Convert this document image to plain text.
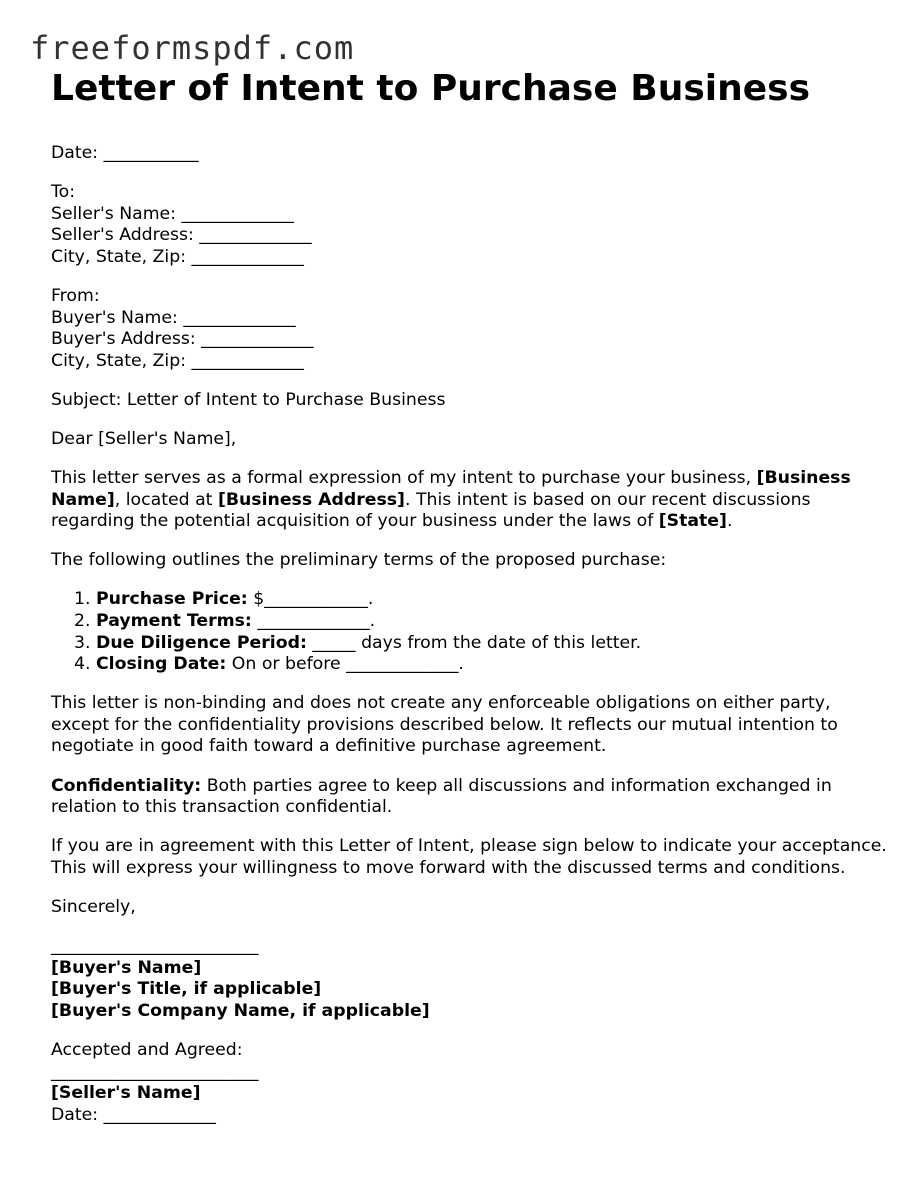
freeformspdf.com
Letter of Intent to Purchase Business

Date: ___________

To:
Seller's Name: _____________
Seller's Address: _____________
City, State, Zip: _____________
From:
Buyer's Name: _____________
Buyer's Address: _____________
City, State, Zip: _____________

Subject: Letter of Intent to Purchase Business

Dear [Seller's Name],

This letter serves as a formal expression of my intent to purchase your business, [Business Name], located at [Business Address]. This intent is based on our recent discussions regarding the potential acquisition of your business under the laws of [State].

The following outlines the preliminary terms of the proposed purchase:

1. Purchase Price: $____________.
2. Payment Terms: _____________.
3. Due Diligence Period: _____ days from the date of this letter.
4. Closing Date: On or before _____________.

This letter is non-binding and does not create any enforceable obligations on either party, except for the confidentiality provisions described below. It reflects our mutual intention to negotiate in good faith toward a definitive purchase agreement.

Confidentiality: Both parties agree to keep all discussions and information exchanged in relation to this transaction confidential.

If you are in agreement with this Letter of Intent, please sign below to indicate your acceptance. This will express your willingness to move forward with the discussed terms and conditions.

Sincerely,

________________________
[Buyer's Name]
[Buyer's Title, if applicable]
[Buyer's Company Name, if applicable]
Accepted and Agreed:
________________________
[Seller's Name]
Date: _____________
